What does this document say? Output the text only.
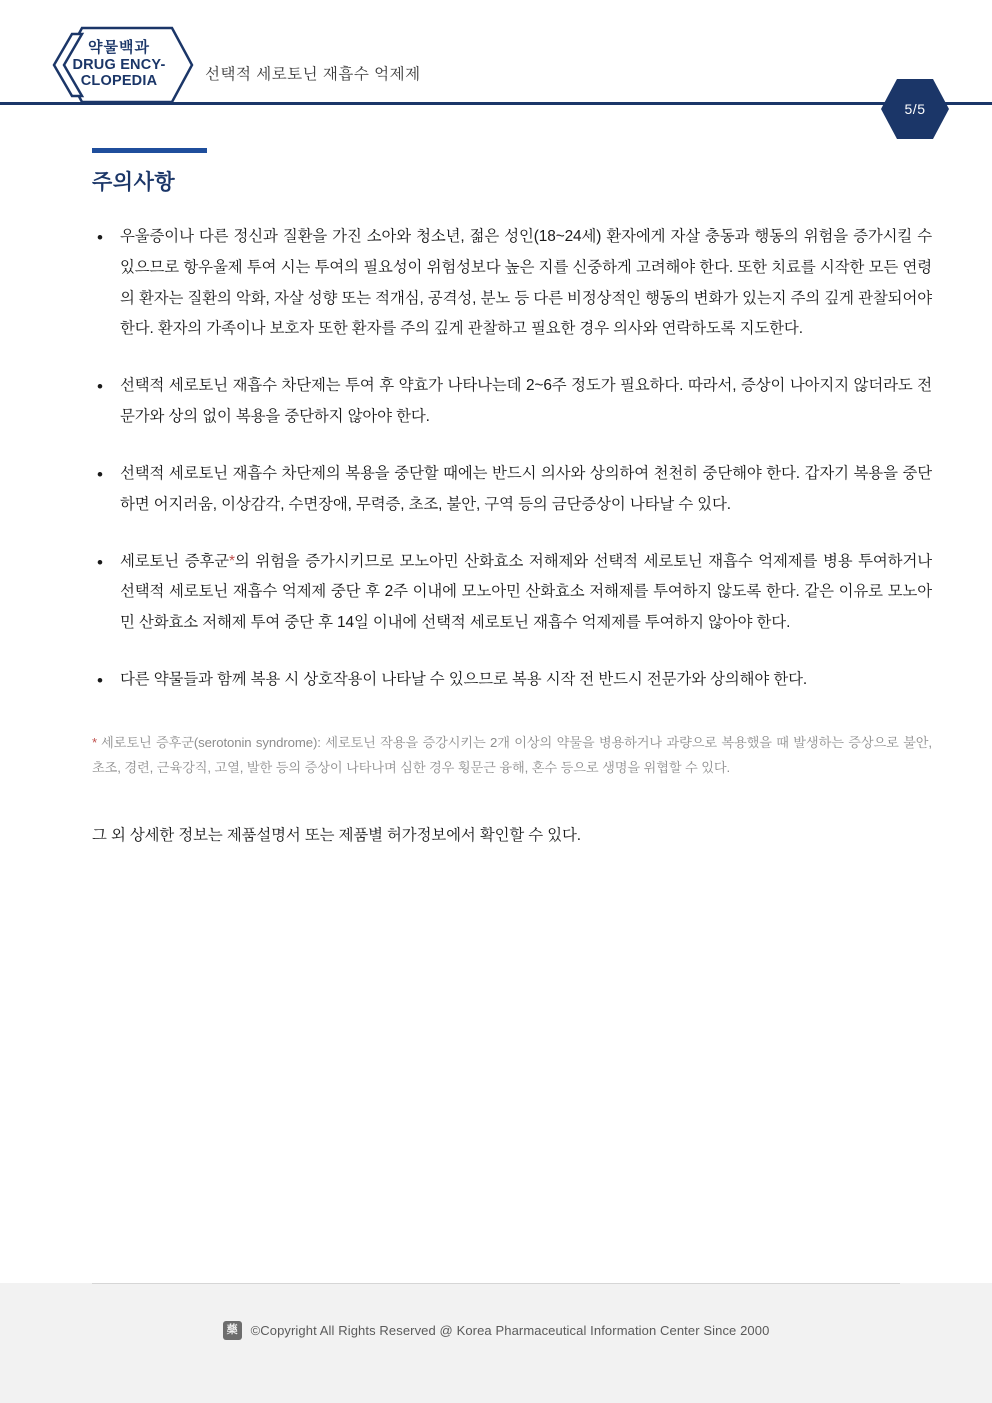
약물백과
DRUG ENCY-
CLOPEDIA	선택적 세로토닌 재흡수 억제제
5/5
주의사항
• 우울증이나 다른 정신과 질환을 가진 소아와 청소년, 젊은 성인(18~24세) 환자에게 자살 충동과 행동의 위험을 증가시킬 수 있으므로 항우울제 투여 시는 투여의 필요성이 위험성보다 높은 지를 신중하게 고려해야 한다. 또한 치료를 시작한 모든 연령의 환자는 질환의 악화, 자살 성향 또는 적개심, 공격성, 분노 등 다른 비정상적인 행동의 변화가 있는지 주의 깊게 관찰되어야 한다. 환자의 가족이나 보호자 또한 환자를 주의 깊게 관찰하고 필요한 경우 의사와 연락하도록 지도한다.
• 선택적 세로토닌 재흡수 차단제는 투여 후 약효가 나타나는데 2~6주 정도가 필요하다. 따라서, 증상이 나아지지 않더라도 전문가와 상의 없이 복용을 중단하지 않아야 한다.
• 선택적 세로토닌 재흡수 차단제의 복용을 중단할 때에는 반드시 의사와 상의하여 천천히 중단해야 한다. 갑자기 복용을 중단하면 어지러움, 이상감각, 수면장애, 무력증, 초조, 불안, 구역 등의 금단증상이 나타날 수 있다.
• 세로토닌 증후군*의 위험을 증가시키므로 모노아민 산화효소 저해제와 선택적 세로토닌 재흡수 억제제를 병용 투여하거나 선택적 세로토닌 재흡수 억제제 중단 후 2주 이내에 모노아민 산화효소 저해제를 투여하지 않도록 한다. 같은 이유로 모노아민 산화효소 저해제 투여 중단 후 14일 이내에 선택적 세로토닌 재흡수 억제제를 투여하지 않아야 한다.
• 다른 약물들과 함께 복용 시 상호작용이 나타날 수 있으므로 복용 시작 전 반드시 전문가와 상의해야 한다.
* 세로토닌 증후군(serotonin syndrome): 세로토닌 작용을 증강시키는 2개 이상의 약물을 병용하거나 과량으로 복용했을 때 발생하는 증상으로 불안, 초조, 경련, 근육강직, 고열, 발한 등의 증상이 나타나며 심한 경우 횡문근 융해, 혼수 등으로 생명을 위협할 수 있다.
그 외 상세한 정보는 제품설명서 또는 제품별 허가정보에서 확인할 수 있다.
藥	©Copyright All Rights Reserved @ Korea Pharmaceutical Information Center Since 2000
